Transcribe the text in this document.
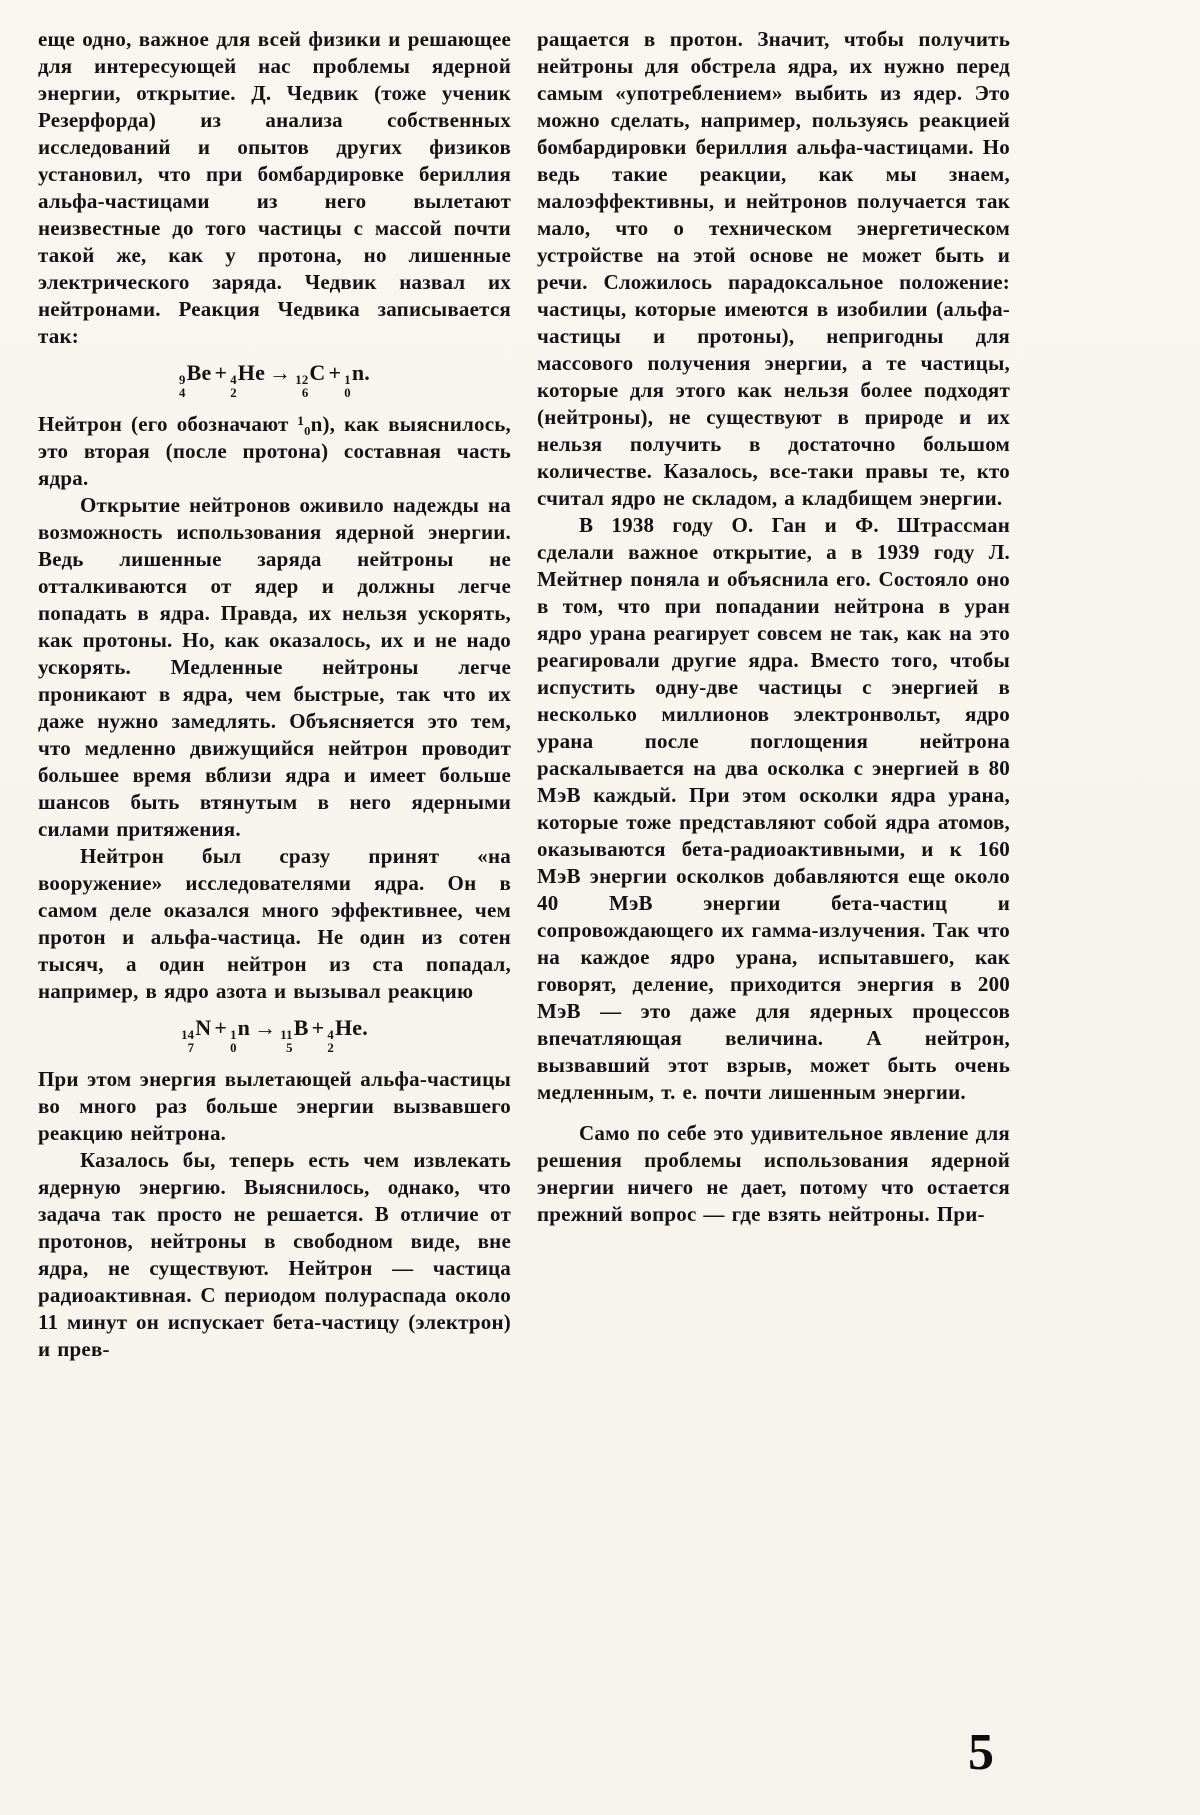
еще одно, важное для всей физики и решающее для интересующей нас проблемы ядерной энергии, открытие. Д. Чедвик (тоже ученик Резерфорда) из анализа собственных исследований и опытов других физиков установил, что при бомбардировке бериллия альфа-частицами из него вылетают неизвестные до того частицы с массой почти такой же, как у протона, но лишенные электрического заряда. Чедвик назвал их нейтронами. Реакция Чедвика записывается так:

9
4
Be + 4
2
He → 12
6
C + 1
0
n.

Нейтрон (его обозначают ¹₀n), как выяснилось, это вторая (после протона) составная часть ядра.

Открытие нейтронов оживило надежды на возможность использования ядерной энергии. Ведь лишенные заряда нейтроны не отталкиваются от ядер и должны легче попадать в ядра. Правда, их нельзя ускорять, как протоны. Но, как оказалось, их и не надо ускорять. Медленные нейтроны легче проникают в ядра, чем быстрые, так что их даже нужно замедлять. Объясняется это тем, что медленно движущийся нейтрон проводит большее время вблизи ядра и имеет больше шансов быть втянутым в него ядерными силами притяжения.

Нейтрон был сразу принят «на вооружение» исследователями ядра. Он в самом деле оказался много эффективнее, чем протон и альфа-частица. Не один из сотен тысяч, а один нейтрон из ста попадал, например, в ядро азота и вызывал реакцию

14
7
N + 1
0
n → 11
5
B + 4
2
He.

При этом энергия вылетающей альфа-частицы во много раз больше энергии вызвавшего реакцию нейтрона.

Казалось бы, теперь есть чем извлекать ядерную энергию. Выяснилось, однако, что задача так просто не решается. В отличие от протонов, нейтроны в свободном виде, вне ядра, не существуют. Нейтрон — частица радиоактивная. С периодом полураспада около 11 минут он испускает бета-частицу (электрон) и прев-

ращается в протон. Значит, чтобы получить нейтроны для обстрела ядра, их нужно перед самым «употреблением» выбить из ядер. Это можно сделать, например, пользуясь реакцией бомбардировки бериллия альфа-частицами. Но ведь такие реакции, как мы знаем, малоэффективны, и нейтронов получается так мало, что о техническом энергетическом устройстве на этой основе не может быть и речи. Сложилось парадоксальное положение: частицы, которые имеются в изобилии (альфа-частицы и протоны), непригодны для массового получения энергии, а те частицы, которые для этого как нельзя более подходят (нейтроны), не существуют в природе и их нельзя получить в достаточно большом количестве. Казалось, все-таки правы те, кто считал ядро не складом, а кладбищем энергии.

В 1938 году О. Ган и Ф. Штрассман сделали важное открытие, а в 1939 году Л. Мейтнер поняла и объяснила его. Состояло оно в том, что при попадании нейтрона в уран ядро урана реагирует совсем не так, как на это реагировали другие ядра. Вместо того, чтобы испустить одну-две частицы с энергией в несколько миллионов электронвольт, ядро урана после поглощения нейтрона раскалывается на два осколка с энергией в 80 МэВ каждый. При этом осколки ядра урана, которые тоже представляют собой ядра атомов, оказываются бета-радиоактивными, и к 160 МэВ энергии осколков добавляются еще около 40 МэВ энергии бета-частиц и сопровождающего их гамма-излучения. Так что на каждое ядро урана, испытавшего, как говорят, деление, приходится энергия в 200 МэВ — это даже для ядерных процессов впечатляющая величина. А нейтрон, вызвавший этот взрыв, может быть очень медленным, т. е. почти лишенным энергии.

Само по себе это удивительное явление для решения проблемы использования ядерной энергии ничего не дает, потому что остается прежний вопрос — где взять нейтроны. При-

5
